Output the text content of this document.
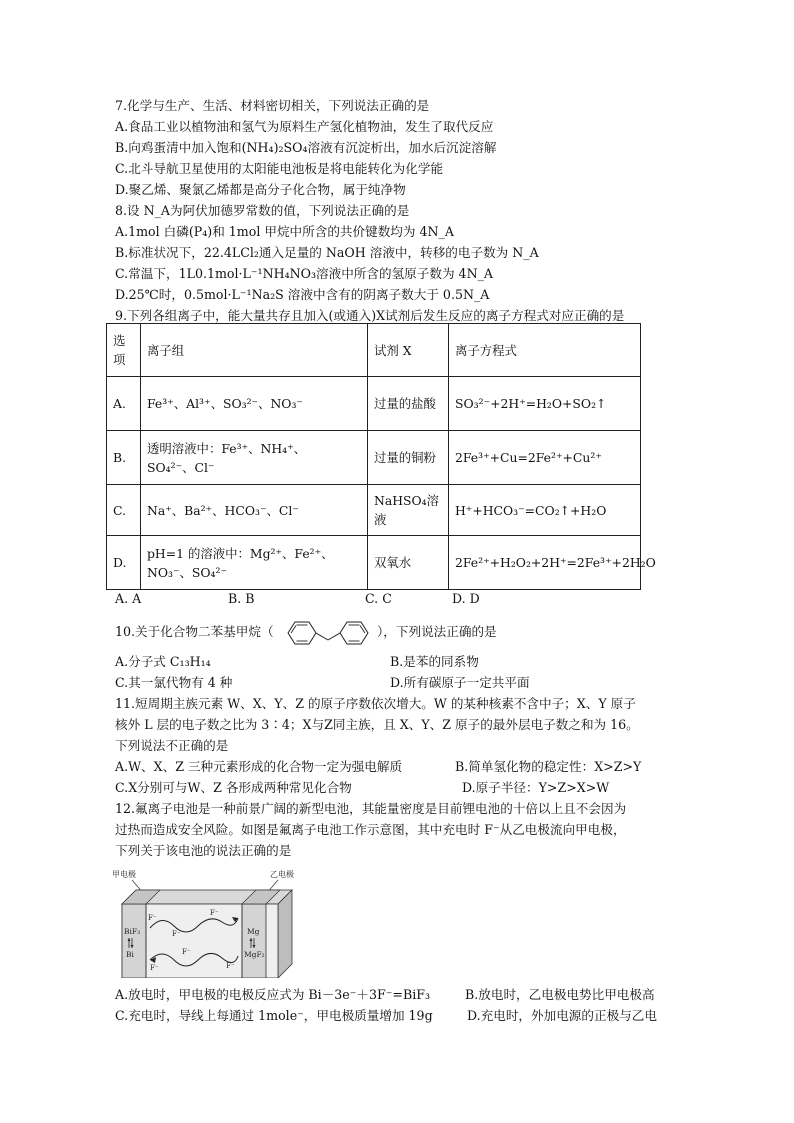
7.化学与生产、生活、材料密切相关，下列说法正确的是
A.食品工业以植物油和氢气为原料生产氢化植物油，发生了取代反应
B.向鸡蛋清中加入饱和(NH₄)₂SO₄溶液有沉淀析出，加水后沉淀溶解
C.北斗导航卫星使用的太阳能电池板是将电能转化为化学能
D.聚乙烯、聚氯乙烯都是高分子化合物，属于纯净物
8.设 N_A为阿伏加德罗常数的值，下列说法正确的是
A.1mol 白磷(P₄)和 1mol 甲烷中所含的共价键数均为 4N_A
B.标准状况下，22.4LCl₂通入足量的 NaOH 溶液中，转移的电子数为 N_A
C.常温下，1L0.1mol·L⁻¹NH₄NO₃溶液中所含的氢原子数为 4N_A
D.25℃时，0.5mol·L⁻¹Na₂S 溶液中含有的阴离子数大于 0.5N_A
9.下列各组离子中，能大量共存且加入(或通入)X试剂后发生反应的离子方程式对应正确的是
选项	离子组	试剂 X	离子方程式
A.	Fe³⁺、Al³⁺、SO₃²⁻、NO₃⁻	过量的盐酸	SO₃²⁻+2H⁺=H₂O+SO₂↑
B.	透明溶液中：Fe³⁺、NH₄⁺、SO₄²⁻、Cl⁻	过量的铜粉	2Fe³⁺+Cu=2Fe²⁺+Cu²⁺
C.	Na⁺、Ba²⁺、HCO₃⁻、Cl⁻	NaHSO₄溶液	H⁺+HCO₃⁻=CO₂↑+H₂O
D.	pH=1 的溶液中：Mg²⁺、Fe²⁺、NO₃⁻、SO₄²⁻	双氧水	2Fe²⁺+H₂O₂+2H⁺=2Fe³⁺+2H₂O
A. A	B. B	C. C	D. D
10.关于化合物二苯基甲烷（	），下列说法正确的是
A.分子式 C₁₃H₁₄	B.是苯的同系物
C.其一氯代物有 4 种	D.所有碳原子一定共平面
11.短周期主族元素 W、X、Y、Z 的原子序数依次增大。W 的某种核素不含中子；X、Y 原子
核外 L 层的电子数之比为 3∶4；X与Z同主族，且 X、Y、Z 原子的最外层电子数之和为 16。
下列说法不正确的是
A.W、X、Z 三种元素形成的化合物一定为强电解质	B.简单氢化物的稳定性：X>Z>Y
C.X分别可与W、Z 各形成两种常见化合物	D.原子半径：Y>Z>X>W
12.氟离子电池是一种前景广阔的新型电池，其能量密度是目前锂电池的十倍以上且不会因为
过热而造成安全风险。如图是氟离子电池工作示意图，其中充电时 F⁻从乙电极流向甲电极，
下列关于该电池的说法正确的是
甲电极	乙电极
F⁻
F⁻
F⁻
F⁻
F⁻
F⁻
BiF₃
Bi
Mg
MgF₂
A.放电时，甲电极的电极反应式为 Bi－3e⁻＋3F⁻=BiF₃	B.放电时，乙电极电势比甲电极高
C.充电时，导线上每通过 1mole⁻，甲电极质量增加 19g	D.充电时，外加电源的正极与乙电
